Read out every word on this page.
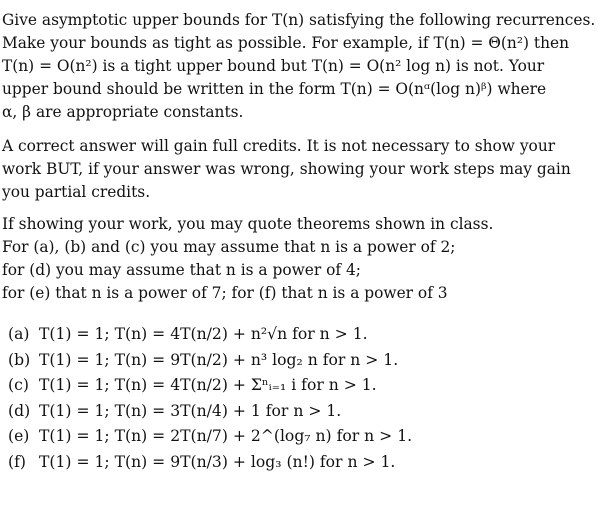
Give asymptotic upper bounds for T(n) satisfying the following recurrences.
Make your bounds as tight as possible. For example, if T(n) = Θ(n²) then
T(n) = O(n²) is a tight upper bound but T(n) = O(n² log n) is not. Your
upper bound should be written in the form T(n) = O(nᵅ(log n)ᵝ) where
α, β are appropriate constants.
A correct answer will gain full credits. It is not necessary to show your
work BUT, if your answer was wrong, showing your work steps may gain
you partial credits.
If showing your work, you may quote theorems shown in class.
For (a), (b) and (c) you may assume that n is a power of 2;
for (d) you may assume that n is a power of 4;
for (e) that n is a power of 7; for (f) that n is a power of 3
(a) T(1) = 1; T(n) = 4T(n/2) + n²√n for n > 1.
(b) T(1) = 1; T(n) = 9T(n/2) + n³ log₂ n for n > 1.
(c) T(1) = 1; T(n) = 4T(n/2) + Σⁿᵢ₌₁ i for n > 1.
(d) T(1) = 1; T(n) = 3T(n/4) + 1 for n > 1.
(e) T(1) = 1; T(n) = 2T(n/7) + 2^(log₇ n) for n > 1.
(f) T(1) = 1; T(n) = 9T(n/3) + log₃ (n!) for n > 1.
